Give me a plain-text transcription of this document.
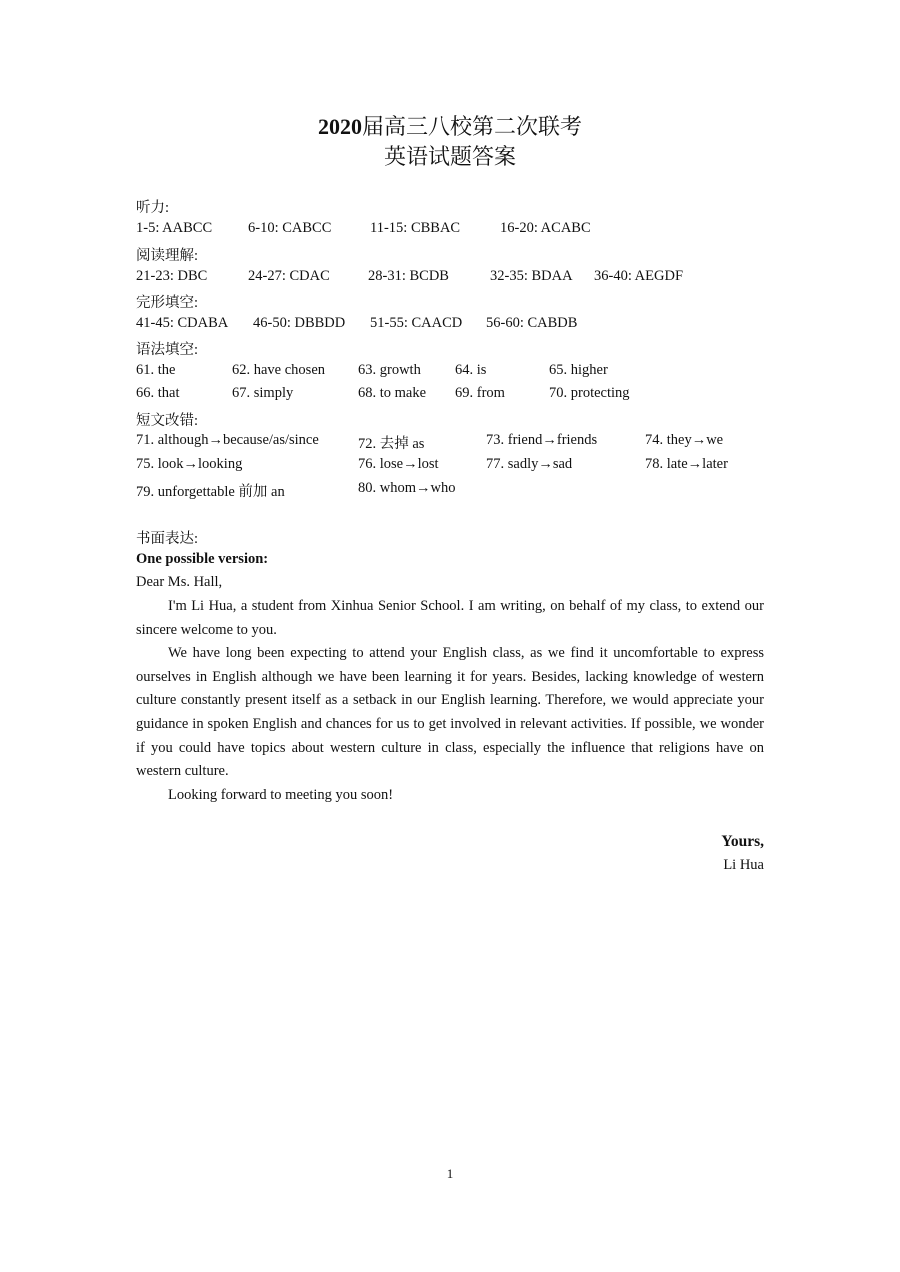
2020届高三八校第二次联考
英语试题答案
听力:
1-5: AABCC 6-10: CABCC	11-15: CBBAC	16-20: ACABC
阅读理解:
21-23: DBC	24-27: CDAC	28-31: BCDB	32-35: BDAA 36-40: AEGDF
完形填空:
41-45: CDABA 46-50: DBBDD 51-55: CAACD 56-60: CABDB
语法填空:
61. the	62. have chosen 63. growth 64. is	65. higher
66. that	67. simply	68. to make 69. from	70. protecting
短文改错:
71. although→because/as/since	72. 去掉 as	73. friend→friends	74. they→we
75. look→looking	76. lose→lost	77. sadly→sad	78. late→later
79. unforgettable 前加 an	80. whom→who
书面表达:
One possible version:
Dear Ms. Hall,

I'm Li Hua, a student from Xinhua Senior School. I am writing, on behalf of my class, to extend our sincere welcome to you.

We have long been expecting to attend your English class, as we find it uncomfortable to express ourselves in English although we have been learning it for years. Besides, lacking knowledge of western culture constantly present itself as a setback in our English learning. Therefore, we would appreciate your guidance in spoken English and chances for us to get involved in relevant activities. If possible, we wonder if you could have topics about western culture in class, especially the influence that religions have on western culture.

Looking forward to meeting you soon!

Yours,
Li Hua
1
